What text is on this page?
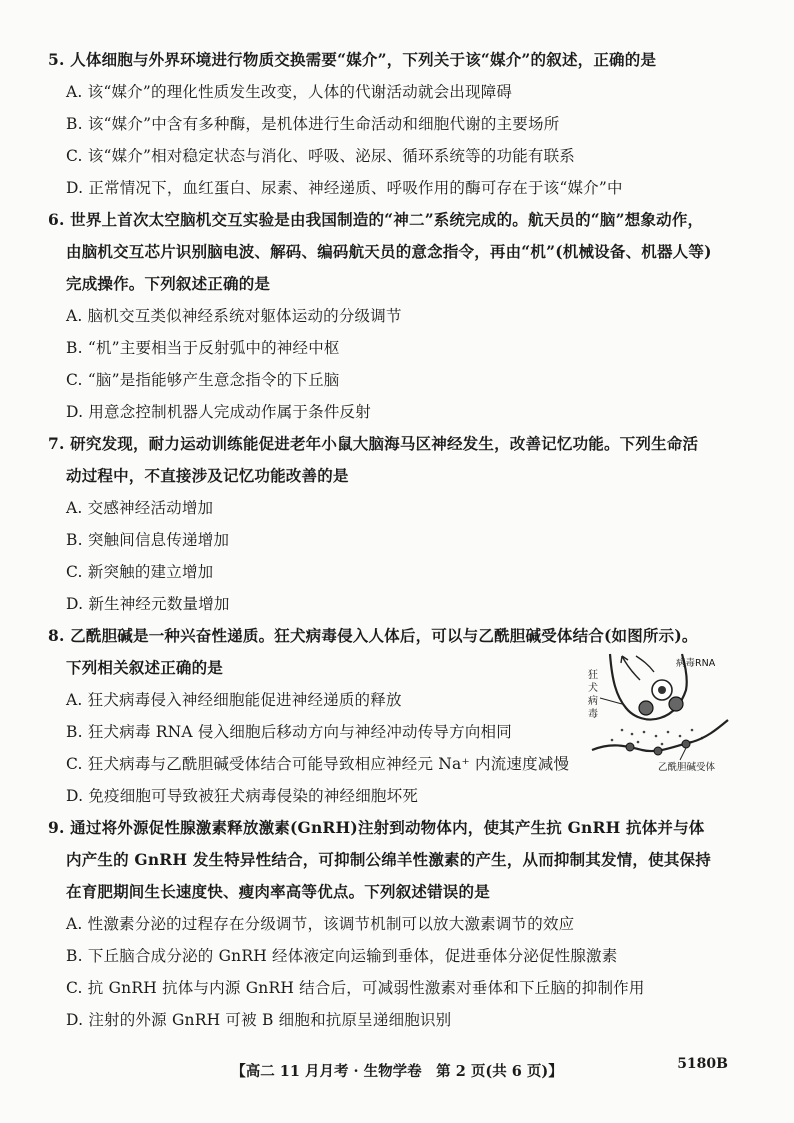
5. 人体细胞与外界环境进行物质交换需要“媒介”，下列关于该“媒介”的叙述，正确的是
A. 该“媒介”的理化性质发生改变，人体的代谢活动就会出现障碍
B. 该“媒介”中含有多种酶，是机体进行生命活动和细胞代谢的主要场所
C. 该“媒介”相对稳定状态与消化、呼吸、泌尿、循环系统等的功能有联系
D. 正常情况下，血红蛋白、尿素、神经递质、呼吸作用的酶可存在于该“媒介”中
6. 世界上首次太空脑机交互实验是由我国制造的“神二”系统完成的。航天员的“脑”想象动作，
由脑机交互芯片识别脑电波、解码、编码航天员的意念指令，再由“机”(机械设备、机器人等)
完成操作。下列叙述正确的是
A. 脑机交互类似神经系统对躯体运动的分级调节
B. “机”主要相当于反射弧中的神经中枢
C. “脑”是指能够产生意念指令的下丘脑
D. 用意念控制机器人完成动作属于条件反射
7. 研究发现，耐力运动训练能促进老年小鼠大脑海马区神经发生，改善记忆功能。下列生命活
动过程中，不直接涉及记忆功能改善的是
A. 交感神经活动增加
B. 突触间信息传递增加
C. 新突触的建立增加
D. 新生神经元数量增加
8. 乙酰胆碱是一种兴奋性递质。狂犬病毒侵入人体后，可以与乙酰胆碱受体结合(如图所示)。
下列相关叙述正确的是
A. 狂犬病毒侵入神经细胞能促进神经递质的释放
B. 狂犬病毒 RNA 侵入细胞后移动方向与神经冲动传导方向相同
C. 狂犬病毒与乙酰胆碱受体结合可能导致相应神经元 Na⁺ 内流速度减慢
D. 免疫细胞可导致被狂犬病毒侵染的神经细胞坏死
病毒RNA
狂
犬
病
毒
乙酰胆碱受体
9. 通过将外源促性腺激素释放激素(GnRH)注射到动物体内，使其产生抗 GnRH 抗体并与体
内产生的 GnRH 发生特异性结合，可抑制公绵羊性激素的产生，从而抑制其发情，使其保持
在育肥期间生长速度快、瘦肉率高等优点。下列叙述错误的是
A. 性激素分泌的过程存在分级调节，该调节机制可以放大激素调节的效应
B. 下丘脑合成分泌的 GnRH 经体液定向运输到垂体，促进垂体分泌促性腺激素
C. 抗 GnRH 抗体与内源 GnRH 结合后，可减弱性激素对垂体和下丘脑的抑制作用
D. 注射的外源 GnRH 可被 B 细胞和抗原呈递细胞识别
【高二 11 月月考 · 生物学卷　第 2 页(共 6 页)】	5180B
